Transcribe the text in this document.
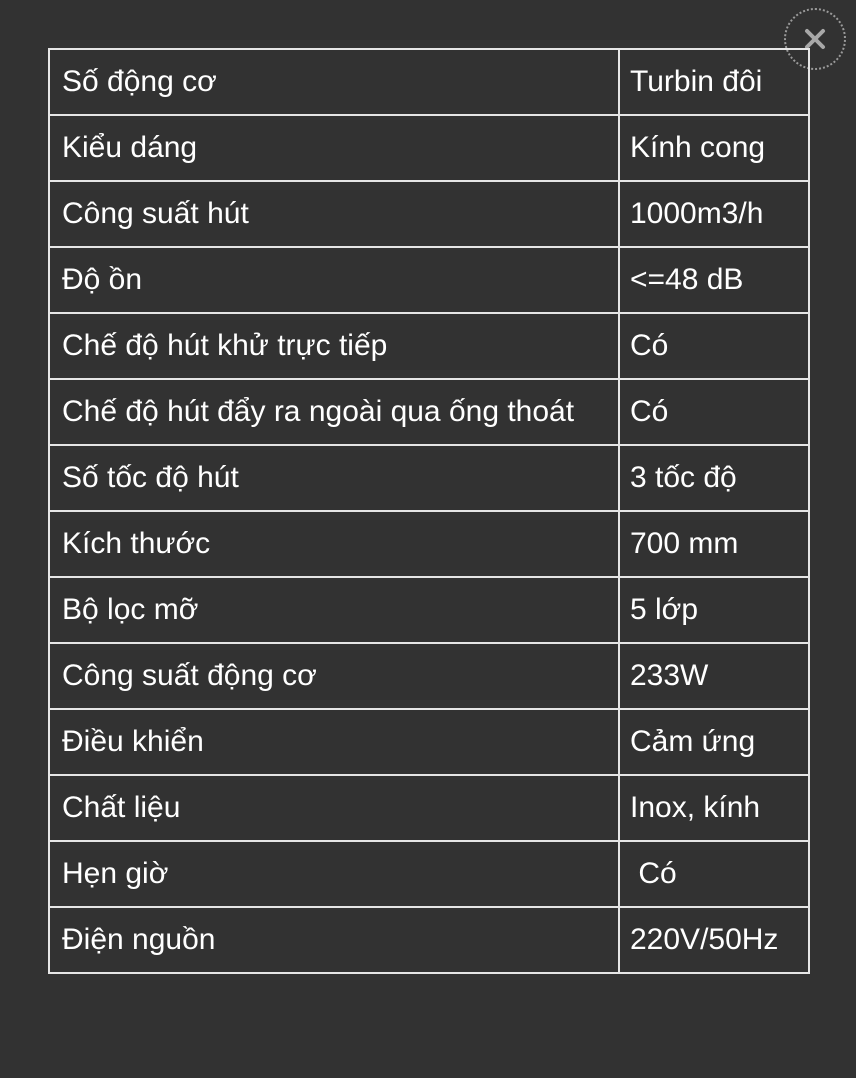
Số động cơ	Turbin đôi
Kiểu dáng	Kính cong
Công suất hút	1000m3/h
Độ ồn	<=48 dB
Chế độ hút khử trực tiếp	Có
Chế độ hút đẩy ra ngoài qua ống thoát	Có
Số tốc độ hút	3 tốc độ
Kích thước	700 mm
Bộ lọc mỡ	5 lớp
Công suất động cơ	233W
Điều khiển	Cảm ứng
Chất liệu	Inox, kính
Hẹn giờ	Có
Điện nguồn	220V/50Hz
